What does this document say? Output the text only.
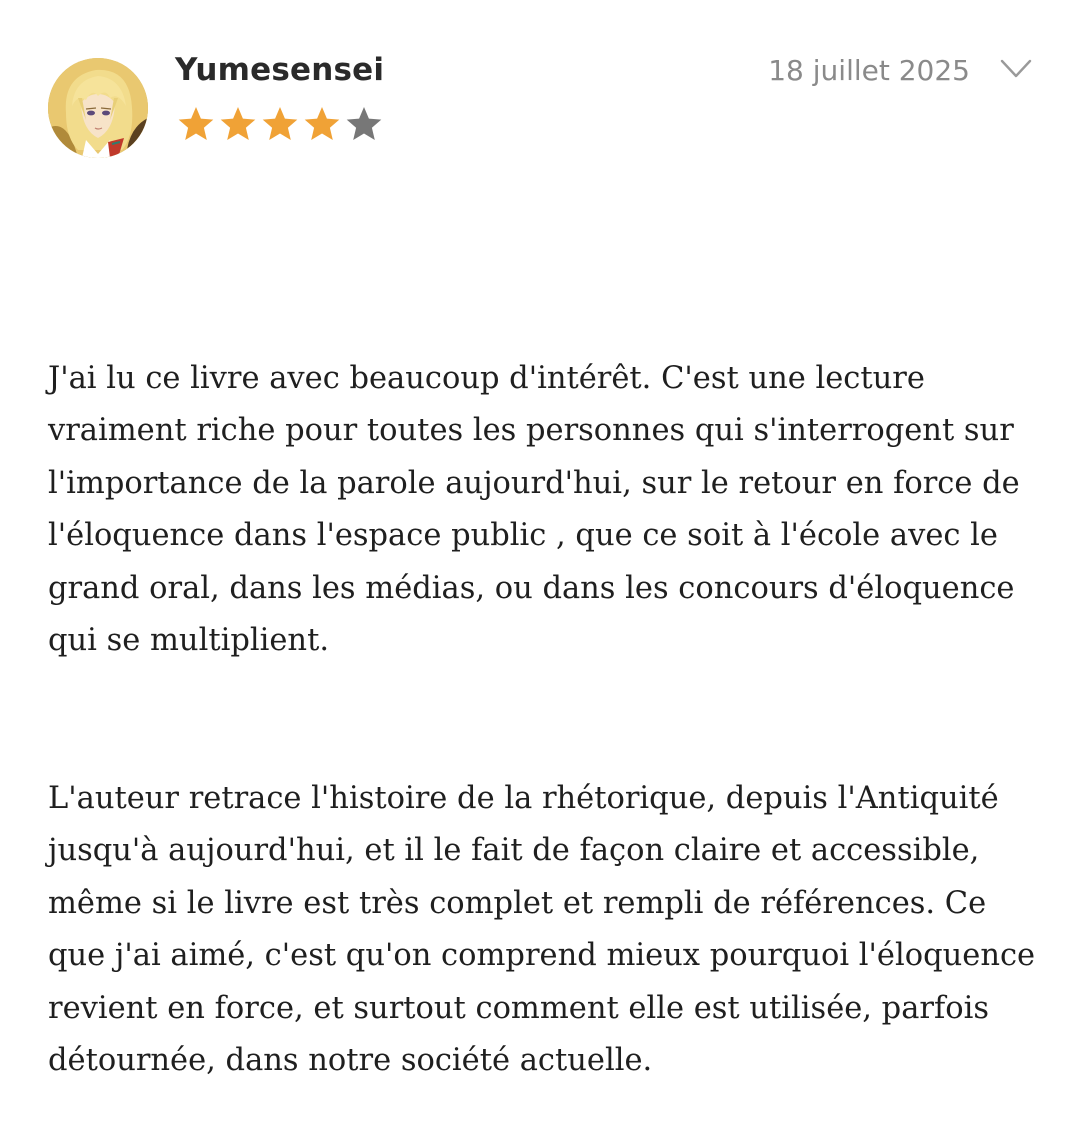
Yumesensei	18 juillet 2025

J'ai lu ce livre avec beaucoup d'intérêt. C'est une lecture vraiment riche pour toutes les personnes qui s'interrogent sur l'importance de la parole aujourd'hui, sur le retour en force de l'éloquence dans l'espace public , que ce soit à l'école avec le grand oral, dans les médias, ou dans les concours d'éloquence qui se multiplient.

L'auteur retrace l'histoire de la rhétorique, depuis l'Antiquité jusqu'à aujourd'hui, et il le fait de façon claire et accessible, même si le livre est très complet et rempli de références. Ce que j'ai aimé, c'est qu'on comprend mieux pourquoi l'éloquence revient en force, et surtout comment elle est utilisée, parfois détournée, dans notre société actuelle.
